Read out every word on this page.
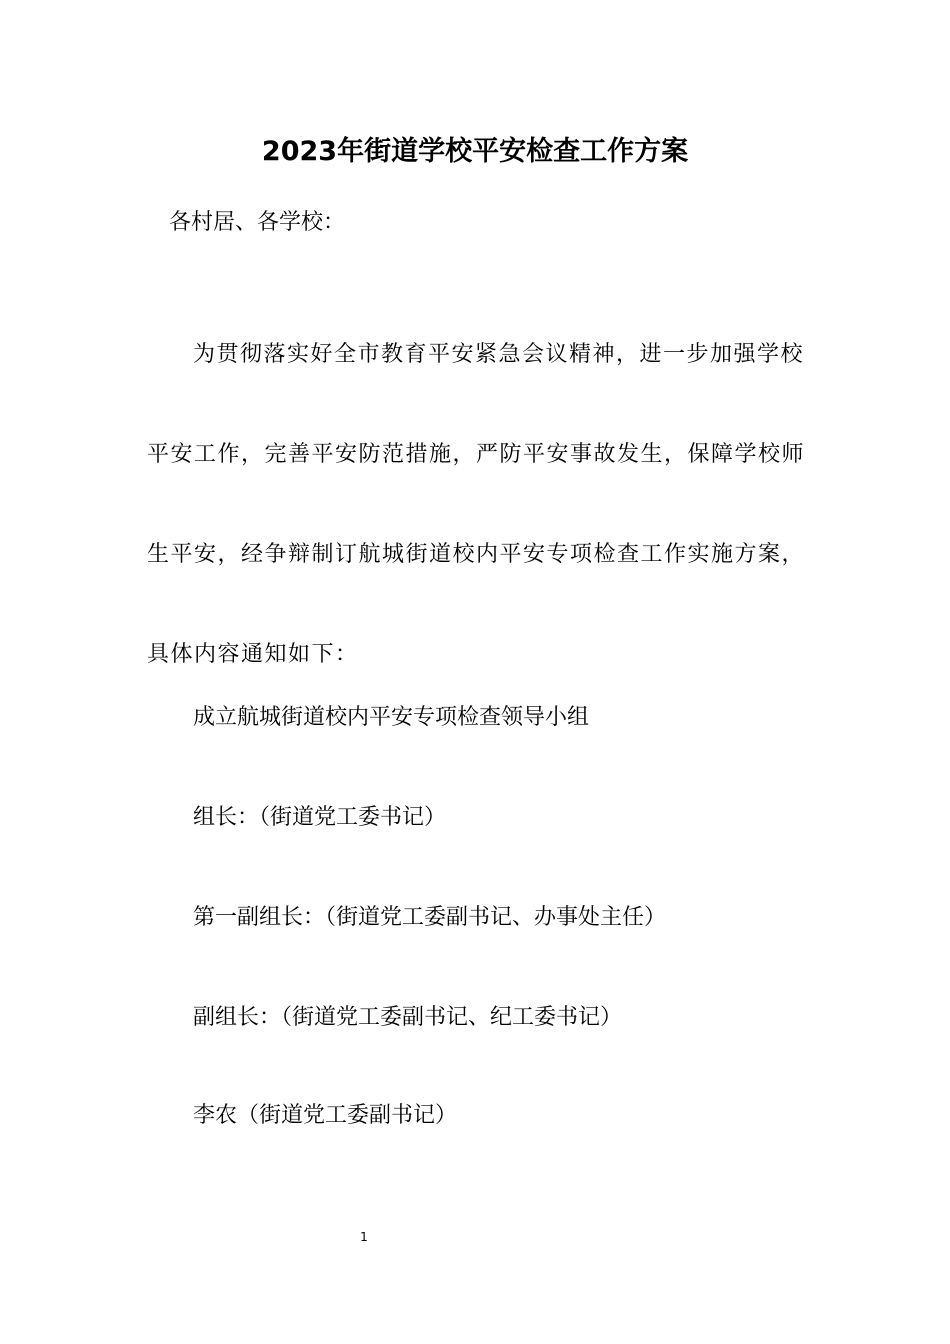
2023年街道学校平安检查工作方案

各村居、各学校：

为贯彻落实好全市教育平安紧急会议精神，进一步加强学校平安工作，完善平安防范措施，严防平安事故发生，保障学校师生平安，经争辩制订航城街道校内平安专项检查工作实施方案，具体内容通知如下：

成立航城街道校内平安专项检查领导小组

组长：（街道党工委书记）

第一副组长：（街道党工委副书记、办事处主任）

副组长：（街道党工委副书记、纪工委书记）

李农（街道党工委副书记）

1
